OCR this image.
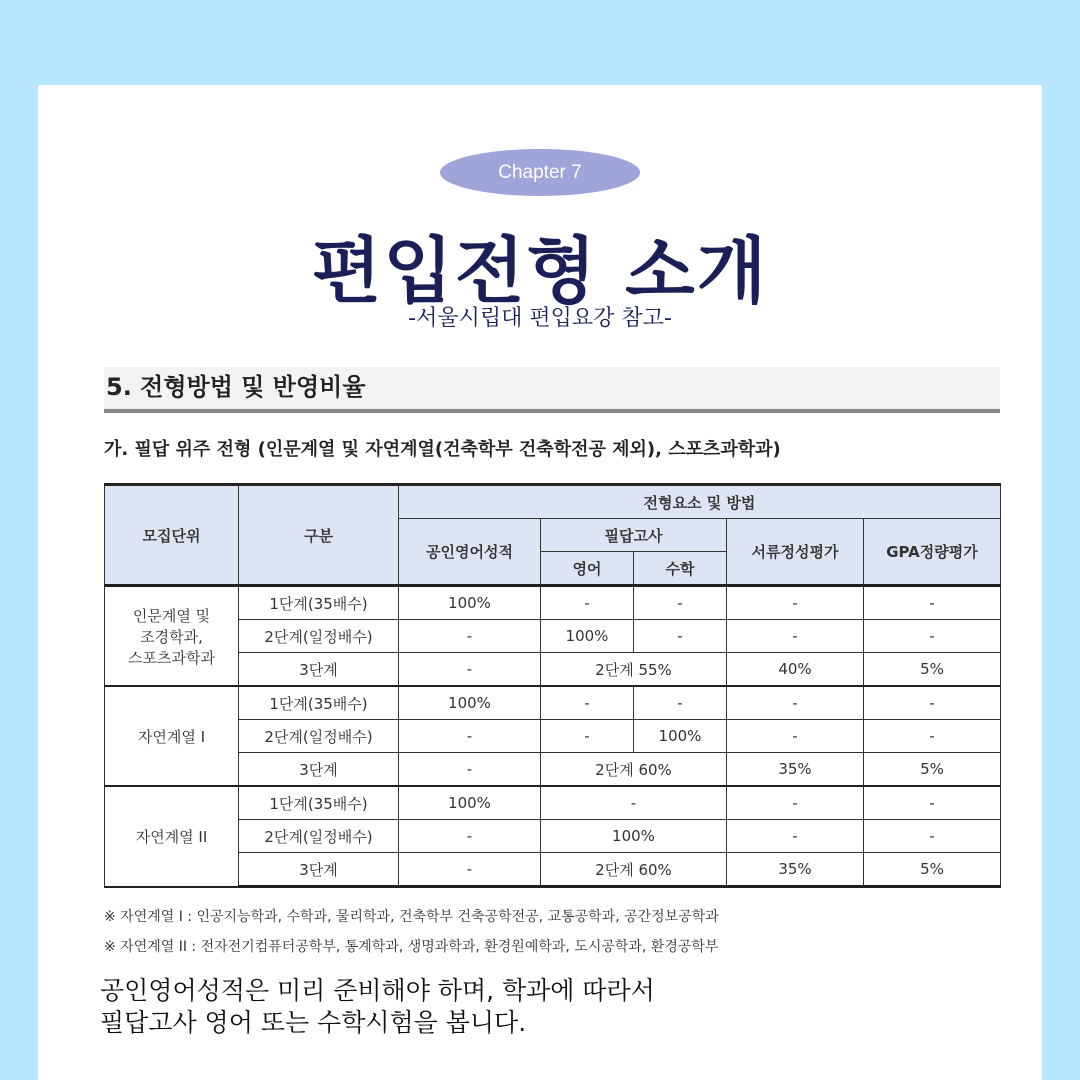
Chapter 7
편입전형 소개
-서울시립대 편입요강 참고-
5. 전형방법 및 반영비율
가. 필답 위주 전형 (인문계열 및 자연계열(건축학부 건축학전공 제외), 스포츠과학과)
모집단위	구분	전형요소 및 방법				
		공인영어성적	필답고사		서류정성평가	GPA정량평가
			영어	수학		
인문계열 및
조경학과,
스포츠과학과	1단계(35배수)	100%	-	-	-	-
	2단계(일정배수)	-	100%	-	-	-
	3단계	-	2단계 55%		40%	5%
자연계열 I	1단계(35배수)	100%	-	-	-	-
	2단계(일정배수)	-	-	100%	-	-
	3단계	-	2단계 60%		35%	5%
자연계열 II	1단계(35배수)	100%	-		-	-
	2단계(일정배수)	-	100%		-	-
	3단계	-	2단계 60%		35%	5%
※ 자연계열 I : 인공지능학과, 수학과, 물리학과, 건축학부 건축공학전공, 교통공학과, 공간정보공학과
※ 자연계열 II : 전자전기컴퓨터공학부, 통계학과, 생명과학과, 환경원예학과, 도시공학과, 환경공학부
공인영어성적은 미리 준비해야 하며, 학과에 따라서
필답고사 영어 또는 수학시험을 봅니다.
